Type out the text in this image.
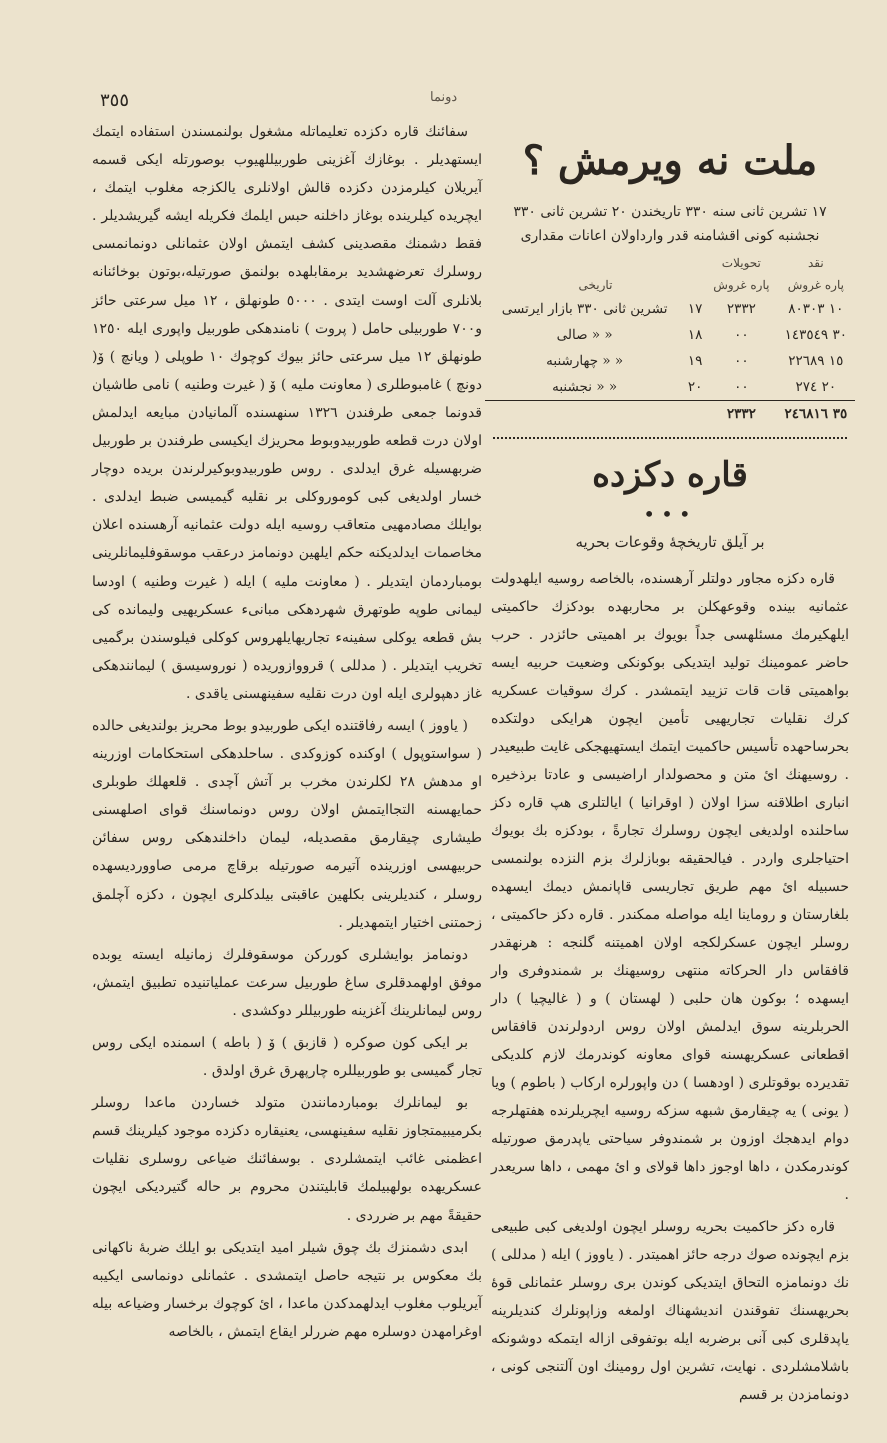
٣٥٥	دونما

سفائنك قاره دکزده تعلیماتله مشغول بولنمسندن استفاده ایتمك ایستهدیلر . بوغازك آغزینی طوربیللهیوب بوصورتله ایکی قسمه آیریلان کیلرمزدن دکزده قالش اولانلری یالکزجه مغلوب ایتمك ، ایچریده کیلرینده بوغاز داخلنه حبس ایلمك فکریله ایشه گیریشدیلر . فقط دشمنك مقصدینی کشف ایتمش اولان عثمانلی دونمانمسی روسلرك تعرضهشدید برمقابلهده بولنمق صورتیله،بوتون بوخائنانه بلانلری آلت اوست ایتدی . ٥٠٠٠ طونهلق ، ١٢ میل سرعتی حائز و٧٠٠ طوربیلی حامل ( پروت ) نامندهکی طوربیل واپوری ایله ١٢٥٠ طونهلق ١٢ میل سرعتی حائز بیوك کوچوك ١٠ طوپلی ( ویانچ ) ۆ( دونچ ) غامبوطلری ( معاونت ملیه ) ۆ ( غیرت وطنیه ) نامی طاشیان قدونما جمعی طرفندن ١٣٢٦ سنهسنده آلمانیادن مبایعه ایدلمش اولان درت قطعه طوربیدوبوط محریزك ایکیسی طرفندن بر طوربیل ضربهسیله غرق ایدلدی . روس طوربیدوبوکیرلرندن بریده دوچار خسار اولدیغی کبی کوموروکلی بر نقلیه گیمیسی ضبط ایدلدی . بوایلك مصادمهیی متعاقب روسیه ایله دولت عثمانیه آرهسنده اعلان مخاصمات ایدلدیکنه حکم ایلهین دونمامز درعقب موسقوفلیمانلرینی بومباردمان ایتدیلر . ( معاونت ملیه ) ایله ( غیرت وطنیه ) اودسا لیمانی طوپه طوتهرق شهردهکی مبانیء عسکریهیی ولیمانده کی بش قطعه یوکلی سفینهء تجاریهایلهروس کوکلی فیلوسندن برگمیی تخریب ایتدیلر . ( مدللی ) قرووازوریده ( نوروسیسق ) لیمانندهکی غاز دهپولری ایله اون درت نقلیه سفینهسنی یاقدی .

( یاووز ) ایسه رفاقتنده ایکی طوربیدو بوط محریز بولندیغی حالده ( سواستوپول ) اوکنده کوزوکدی . ساحلدهکی استحکامات اوزرینه او مدهش ٢٨ لکلرندن مخرب بر آتش آچدی . قلعهلك طوبلری حمایهسنه التجاایتمش اولان روس دونماسنك قوای اصلهسنی طیشاری چیقارمق مقصدیله، لیمان داخلندهکی روس سفائن حربیهسی اوزرینده آتیرمه صورتیله برقاچ مرمی صاووردیسهده روسلر ، کندیلرینی بکلهین عاقبتی بیلدکلری ایچون ، دکزه آچلمق زحمتنی اختیار ایتمهدیلر .

دونمامز بوایشلری کوررکن موسقوفلرك زمانیله ایسته یوبده موفق اولهمدقلری ساغ طوربیل سرعت عملیاتنیده تطبیق ایتمش، روس لیمانلرینك آغزینه طوربیللر دوکشدی .

بر ایکی کون صوکره ( قازبق ) ۆ ( باطه ) اسمنده ایکی روس تجار گمیسی بو طوربیللره چارپهرق غرق اولدق .

بو لیمانلرك بومباردمانندن متولد خساردن ماعدا روسلر بکرمیبیمتجاوز نقلیه سفینهسی، یعنیقاره دکزده موجود کیلرینك قسم اعظمنی غائب ایتمشلردی . بوسفائنك ضیاعی روسلری نقلیات عسکریهده بولهبیلمك قابلیتندن محروم بر حاله گتیردیکی ایچون حقیقةً مهم بر ضرردی .

ابدی دشمنزك بك چوق شیلر امید ایتدیکی بو ایلك ضربهٔ ناکهانی بك معکوس بر نتیجه حاصل ایتمشدی . عثمانلی دونماسی ایکیبه آیریلوب مغلوب ایدلهمدکدن ماعدا ، ائ کوچوك برخسار وضیاعه بیله اوغرامهدن دوسلره مهم ضررلر ایقاع ایتمش ، بالخاصه

ملت نه ویرمش ؟
١٧ تشرین ثانی سنه ٣٣٠ تاریخندن ٢٠ تشرین ثانی ٣٣٠ نجشنبه کونی اقشامنه قدر وارداولان اعانات مقداری
نقد	تحویلات		
پاره غروش	پاره غروش	تاریخی	
١٠ ٨٠٣٠٣	٢٣٣٢	١٧	تشرین ثانی ٣٣٠ بازار ایرتسی
٣٠ ١٤٣٥٤٩	٠٠	١٨	« « صالی
١٥ ٢٢٦٨٩	٠٠	١٩	« « چهارشنبه
٢٠ ٢٧٤	٠٠	٢٠	« « نجشنبه
٣٥ ٢٤٦٨١٦	٢٣٣٢		
قاره دکزده
•••
بر آیلق تاریخچهٔ وقوعات بحریه

قاره دکزه مجاور دولتلر آرهسنده، بالخاصه روسیه ایلهدولت عثمانیه بینده وقوعهکلن بر محاربهده بودکزك حاکمیتی ایلهکیرمك مسئلهسی جداً بویوك بر اهمیتی حائزدر . حرب حاضر عمومینك تولید ایتدیکی بوکونکی وضعیت حربیه ایسه بواهمیتی قات قات تزیید ایتمشدر . کرك سوقیات عسکریه کرك نقلیات تجاریهیی تأمین ایچون هرایکی دولتکده بحرساحهده تأسیس حاکمیت ایتمك ایستهیهجکی غایت طبیعیدر . روسیهنك ائ متن و محصولدار اراضیسی و عادتا برذخیره انباری اطلاقنه سزا اولان ( اوقرانیا ) ایالتلری هپ قاره دکز ساحلنده اولدیغی ایچون روسلرك تجارةً ، بودکزه بك بویوك احتیاجلری واردر . فیالحقیقه بوبازلرك بزم النزده بولنمسی حسبیله ائ مهم طریق تجاریسی قاپانمش دیمك ایسهده بلغارستان و روماینا ایله مواصله ممکندر . قاره دکز حاکمیتی ، روسلر ایچون عسکرلکجه اولان اهمیتنه گلنجه : هرنهقدر قافقاس دار الحرکاته منتهی روسیهنك بر شمندوفری وار ایسهده ؛ بوکون هان حلبی ( لهستان ) و ( غالیچیا ) دار الحربلرینه سوق ایدلمش اولان روس اردولرندن قافقاس اقطعانی عسکریهسنه قوای معاونه کوندرمك لازم کلدیکی تقدیرده بوقوتلری ( اودهسا ) دن واپورلره ارکاب ( باطوم ) ویا ( یونی ) یه چیقارمق شبهه سزکه روسیه ایچریلرنده هفتهلرجه دوام ایدهجك اوزون بر شمندوفر سیاحتی یاپدرمق صورتیله کوندرمکدن ، داها اوجوز داها قولای و ائ مهمی ، داها سریعدر .

قاره دکز حاکمیت بحریه روسلر ایچون اولدیغی کبی طبیعی بزم ایچونده صوك درجه حائز اهمیتدر . ( یاووز ) ایله ( مدللی ) نك دونمامزه التحاق ایتدیکی کوندن بری روسلر عثمانلی قوهٔ بحریهسنك تفوقندن اندیشهناك اولمغه وزاپونلرك کندیلرینه یاپدقلری کبی آنی برضربه ایله بوتفوقی ازاله ایتمکه دوشونکه باشلامشلردی . نهایت، تشرین اول رومینك اون آلتنجی کونی ، دونمامزدن بر قسم
